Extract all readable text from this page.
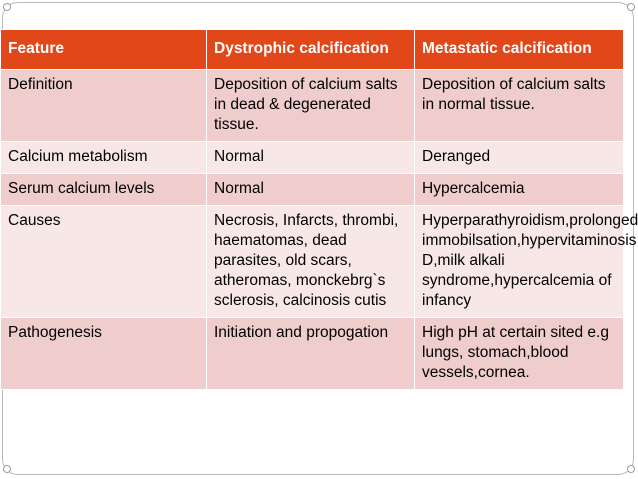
Feature	Dystrophic calcification	Metastatic calcification
Definition	Deposition of calcium salts in dead & degenerated tissue.	Deposition of calcium salts in normal tissue.
Calcium metabolism	Normal	Deranged
Serum calcium levels	Normal	Hypercalcemia
Causes	Necrosis, Infarcts, thrombi, haematomas, dead parasites, old scars, atheromas, monckebrg`s sclerosis, calcinosis cutis	Hyperparathyroidism,prolonged immobilsation,hypervitaminosis D,milk alkali syndrome,hypercalcemia of infancy
Pathogenesis	Initiation and propogation	High pH at certain sited e.g lungs, stomach,blood vessels,cornea.
